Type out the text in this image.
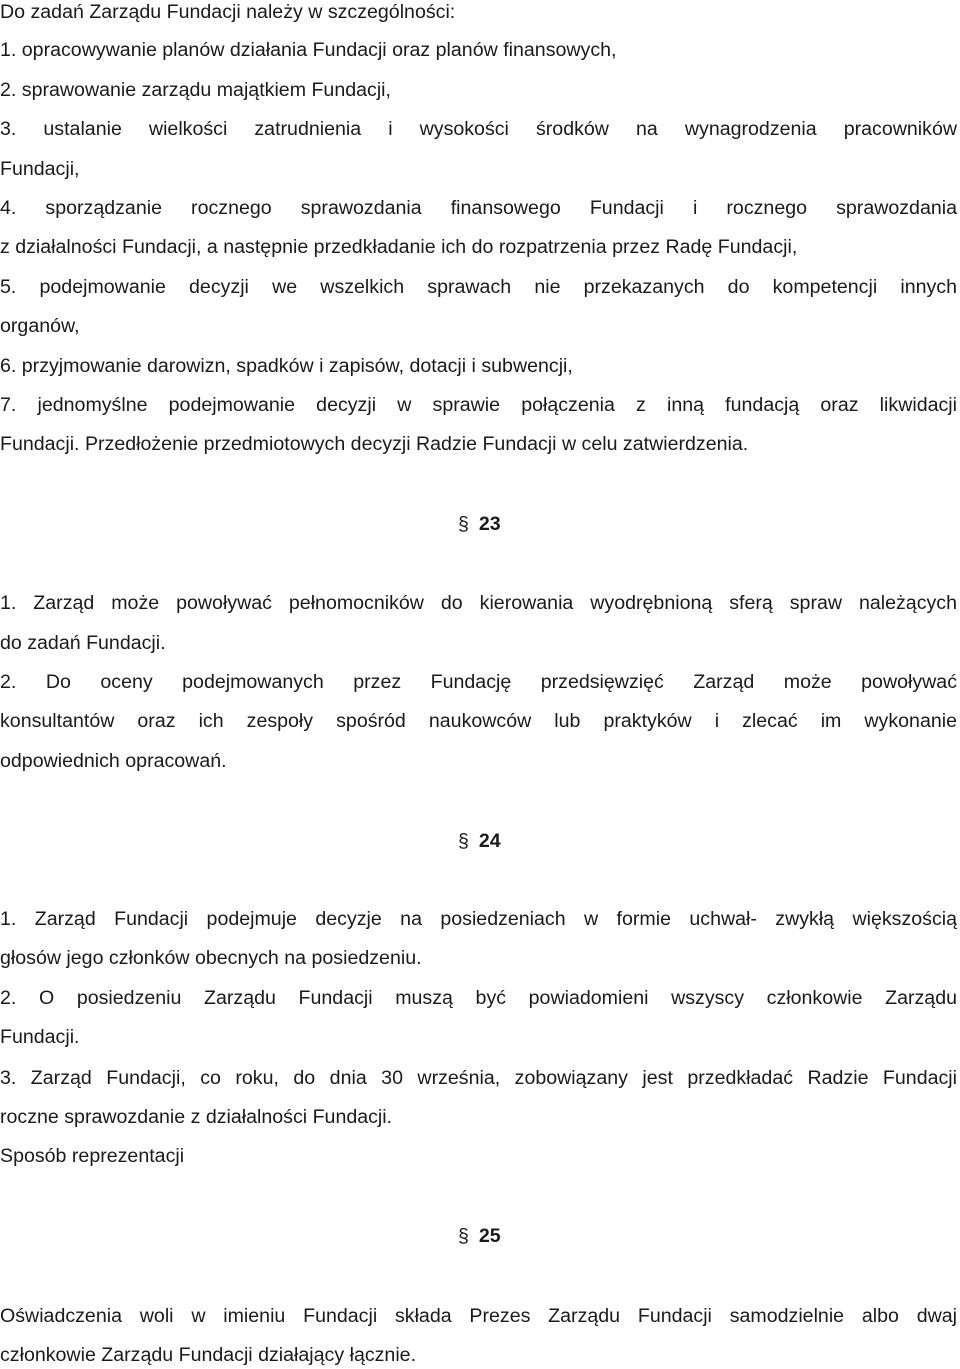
Do zadań Zarządu Fundacji należy w szczególności:
1. opracowywanie planów działania Fundacji oraz planów finansowych,
2. sprawowanie zarządu majątkiem Fundacji,
3. ustalanie wielkości zatrudnienia i wysokości środków na wynagrodzenia pracowników
Fundacji,
4. sporządzanie rocznego sprawozdania finansowego Fundacji i rocznego sprawozdania
z działalności Fundacji, a następnie przedkładanie ich do rozpatrzenia przez Radę Fundacji,
5. podejmowanie decyzji we wszelkich sprawach nie przekazanych do kompetencji innych
organów,
6. przyjmowanie darowizn, spadków i zapisów, dotacji i subwencji,
7. jednomyślne podejmowanie decyzji w sprawie połączenia z inną fundacją oraz likwidacji
Fundacji. Przedłożenie przedmiotowych decyzji Radzie Fundacji w celu zatwierdzenia.
§ 23
1. Zarząd może powoływać pełnomocników do kierowania wyodrębnioną sferą spraw należących
do zadań Fundacji.
2. Do oceny podejmowanych przez Fundację przedsięwzięć Zarząd może powoływać
konsultantów oraz ich zespoły spośród naukowców lub praktyków i zlecać im wykonanie
odpowiednich opracowań.
§ 24
1. Zarząd Fundacji podejmuje decyzje na posiedzeniach w formie uchwał- zwykłą większością
głosów jego członków obecnych na posiedzeniu.
2. O posiedzeniu Zarządu Fundacji muszą być powiadomieni wszyscy członkowie Zarządu
Fundacji.
3. Zarząd Fundacji, co roku, do dnia 30 września, zobowiązany jest przedkładać Radzie Fundacji
roczne sprawozdanie z działalności Fundacji.
Sposób reprezentacji
§ 25
Oświadczenia woli w imieniu Fundacji składa Prezes Zarządu Fundacji samodzielnie albo dwaj
członkowie Zarządu Fundacji działający łącznie.
